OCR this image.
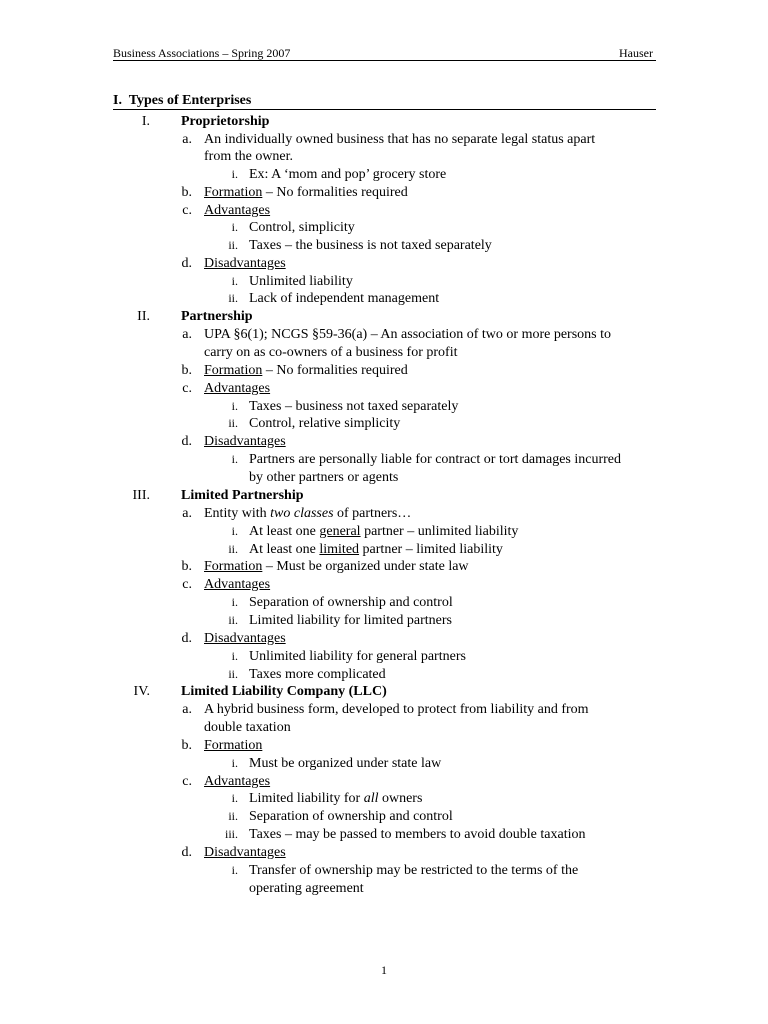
Business Associations – Spring 2007	Hauser
I. Types of Enterprises
I. Proprietorship
a. An individually owned business that has no separate legal status apart
from the owner.
i. Ex: A ‘mom and pop’ grocery store
b. Formation – No formalities required
c. Advantages
i. Control, simplicity
ii. Taxes – the business is not taxed separately
d. Disadvantages
i. Unlimited liability
ii. Lack of independent management
II. Partnership
a. UPA §6(1); NCGS §59-36(a) – An association of two or more persons to
carry on as co-owners of a business for profit
b. Formation – No formalities required
c. Advantages
i. Taxes – business not taxed separately
ii. Control, relative simplicity
d. Disadvantages
i. Partners are personally liable for contract or tort damages incurred
by other partners or agents
III. Limited Partnership
a. Entity with two classes of partners…
i. At least one general partner – unlimited liability
ii. At least one limited partner – limited liability
b. Formation – Must be organized under state law
c. Advantages
i. Separation of ownership and control
ii. Limited liability for limited partners
d. Disadvantages
i. Unlimited liability for general partners
ii. Taxes more complicated
IV. Limited Liability Company (LLC)
a. A hybrid business form, developed to protect from liability and from
double taxation
b. Formation
i. Must be organized under state law
c. Advantages
i. Limited liability for all owners
ii. Separation of ownership and control
iii. Taxes – may be passed to members to avoid double taxation
d. Disadvantages
i. Transfer of ownership may be restricted to the terms of the
operating agreement
1
